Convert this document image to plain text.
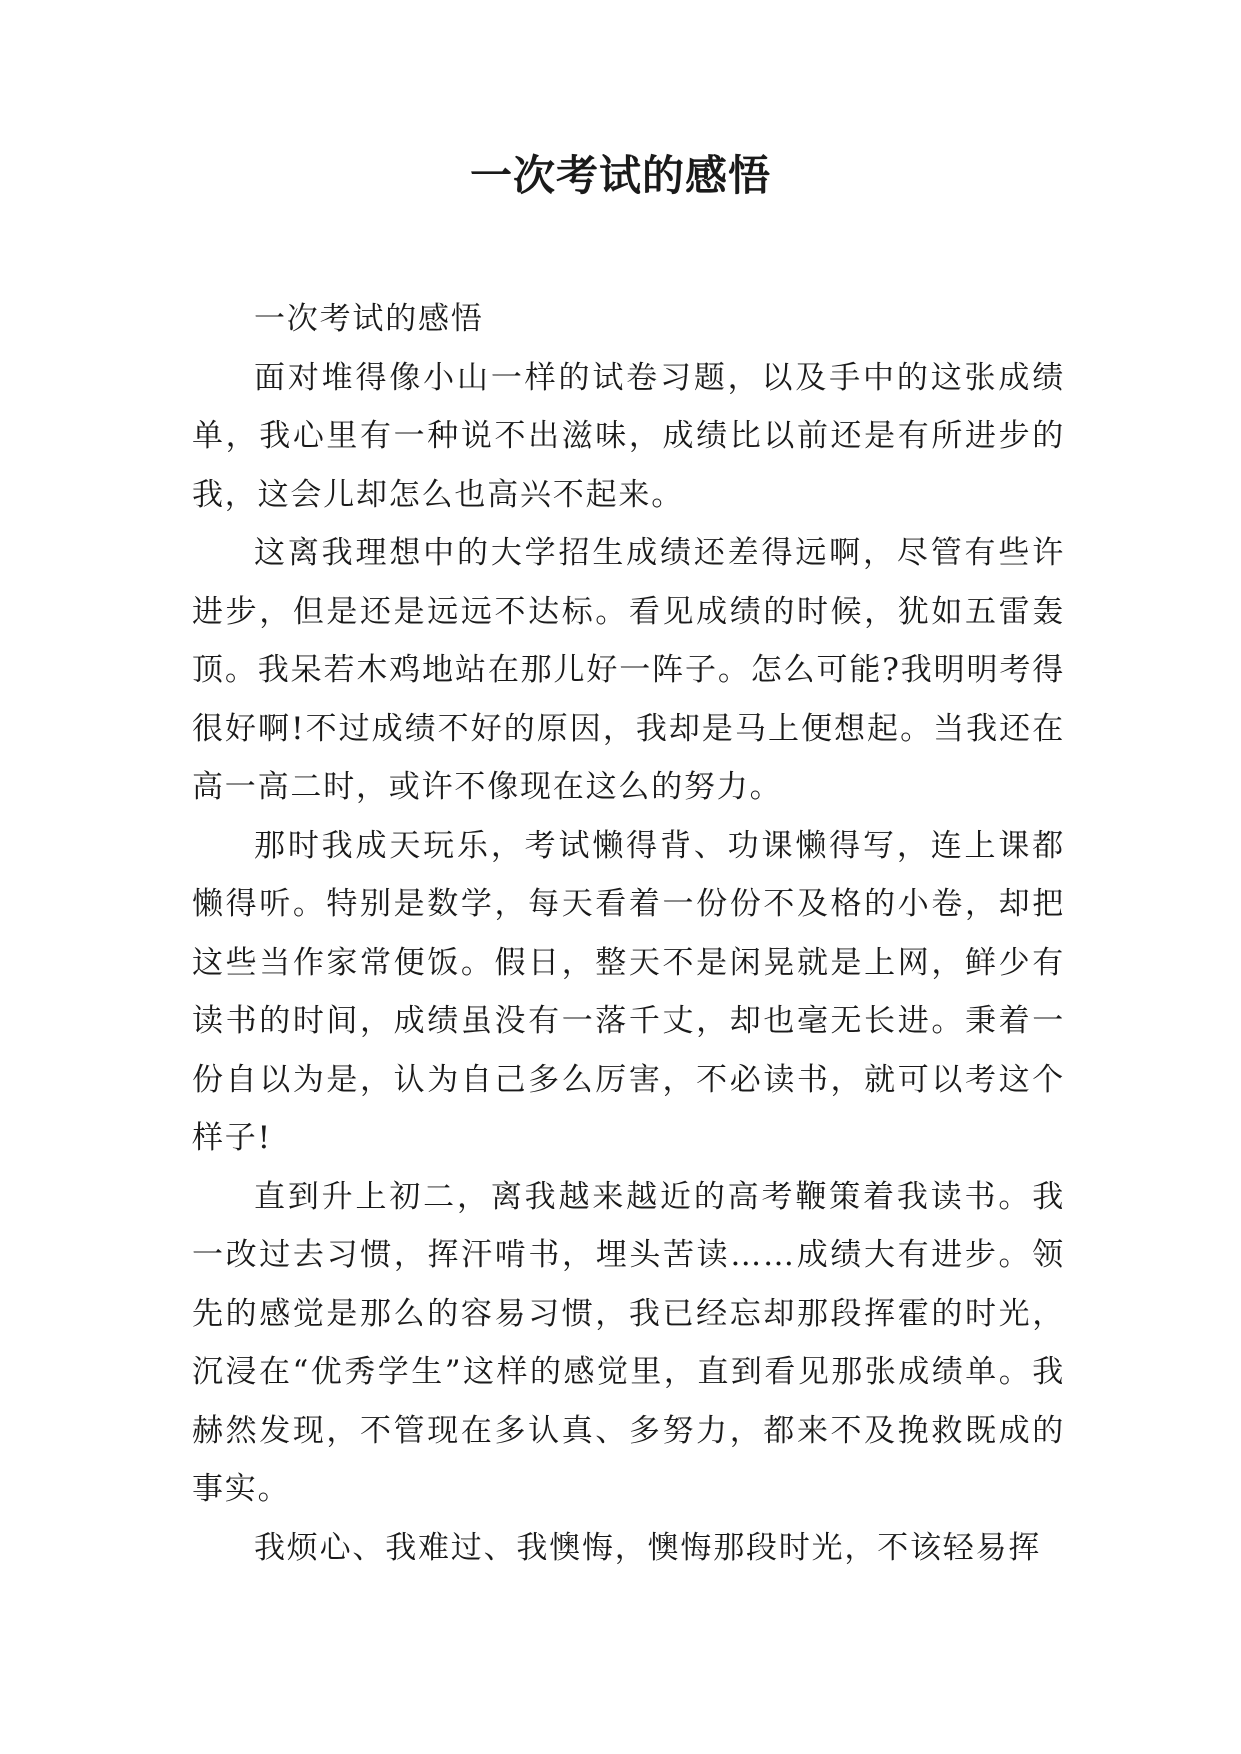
一次考试的感悟

一次考试的感悟

面对堆得像小山一样的试卷习题，以及手中的这张成绩单，我心里有一种说不出滋味，成绩比以前还是有所进步的我，这会儿却怎么也高兴不起来。

这离我理想中的大学招生成绩还差得远啊，尽管有些许进步，但是还是远远不达标。看见成绩的时候，犹如五雷轰顶。我呆若木鸡地站在那儿好一阵子。怎么可能?我明明考得很好啊!不过成绩不好的原因，我却是马上便想起。当我还在高一高二时，或许不像现在这么的努力。

那时我成天玩乐，考试懒得背、功课懒得写，连上课都懒得听。特别是数学，每天看着一份份不及格的小卷，却把这些当作家常便饭。假日，整天不是闲晃就是上网，鲜少有读书的时间，成绩虽没有一落千丈，却也毫无长进。秉着一份自以为是，认为自己多么厉害，不必读书，就可以考这个样子!

直到升上初二，离我越来越近的高考鞭策着我读书。我一改过去习惯，挥汗啃书，埋头苦读……成绩大有进步。领先的感觉是那么的容易习惯，我已经忘却那段挥霍的时光，沉浸在“优秀学生”这样的感觉里，直到看见那张成绩单。我赫然发现，不管现在多认真、多努力，都来不及挽救既成的事实。

我烦心、我难过、我懊悔，懊悔那段时光，不该轻易挥
